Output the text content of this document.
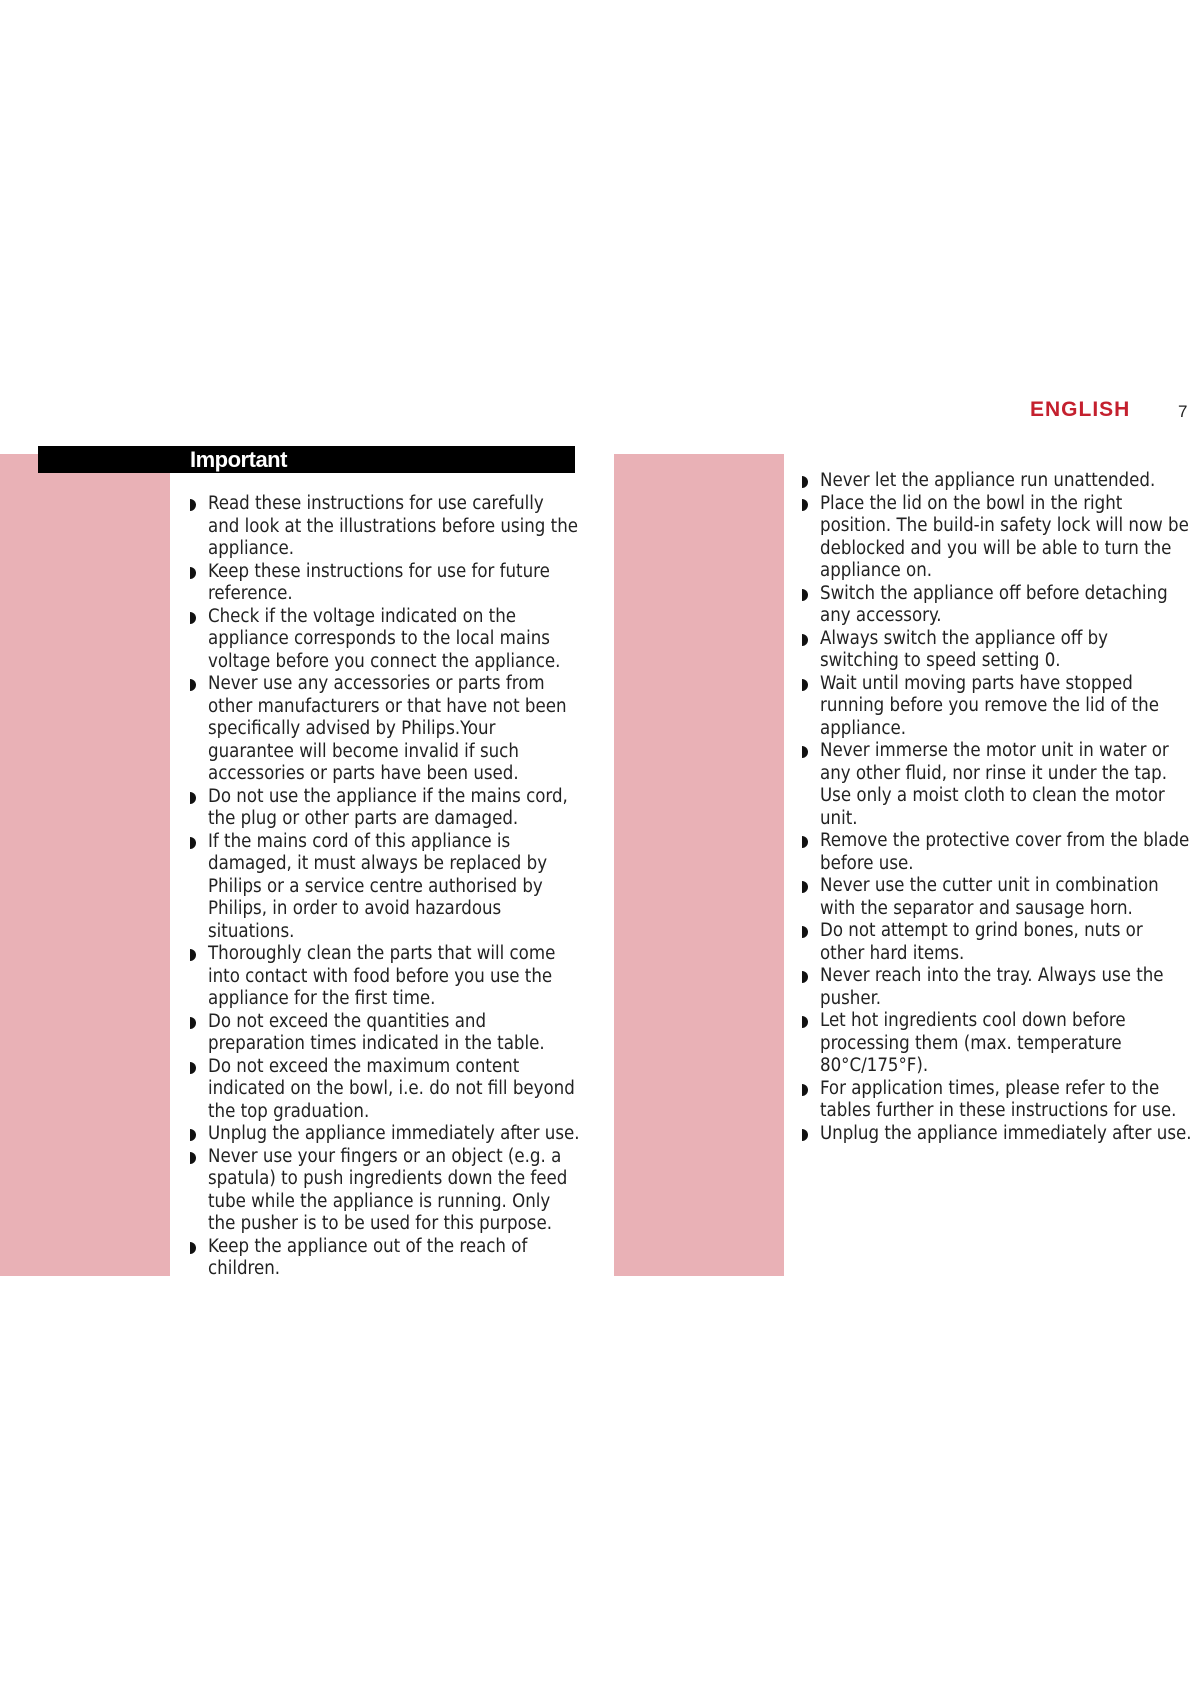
ENGLISH	7
Important
Read these instructions for use carefully and look at the illustrations before using the appliance.
Keep these instructions for use for future reference.
Check if the voltage indicated on the appliance corresponds to the local mains voltage before you connect the appliance.
Never use any accessories or parts from other manufacturers or that have not been specifically advised by Philips.Your guarantee will become invalid if such accessories or parts have been used.
Do not use the appliance if the mains cord, the plug or other parts are damaged.
If the mains cord of this appliance is damaged, it must always be replaced by Philips or a service centre authorised by Philips, in order to avoid hazardous situations.
Thoroughly clean the parts that will come into contact with food before you use the appliance for the first time.
Do not exceed the quantities and preparation times indicated in the table.
Do not exceed the maximum content indicated on the bowl, i.e. do not fill beyond the top graduation.
Unplug the appliance immediately after use.
Never use your fingers or an object (e.g. a spatula) to push ingredients down the feed tube while the appliance is running. Only the pusher is to be used for this purpose.
Keep the appliance out of the reach of children.
Never let the appliance run unattended.
Place the lid on the bowl in the right position. The build-in safety lock will now be deblocked and you will be able to turn the appliance on.
Switch the appliance off before detaching any accessory.
Always switch the appliance off by switching to speed setting 0.
Wait until moving parts have stopped running before you remove the lid of the appliance.
Never immerse the motor unit in water or any other fluid, nor rinse it under the tap. Use only a moist cloth to clean the motor unit.
Remove the protective cover from the blade before use.
Never use the cutter unit in combination with the separator and sausage horn.
Do not attempt to grind bones, nuts or other hard items.
Never reach into the tray. Always use the pusher.
Let hot ingredients cool down before processing them (max. temperature 80°C/175°F).
For application times, please refer to the tables further in these instructions for use.
Unplug the appliance immediately after use.
